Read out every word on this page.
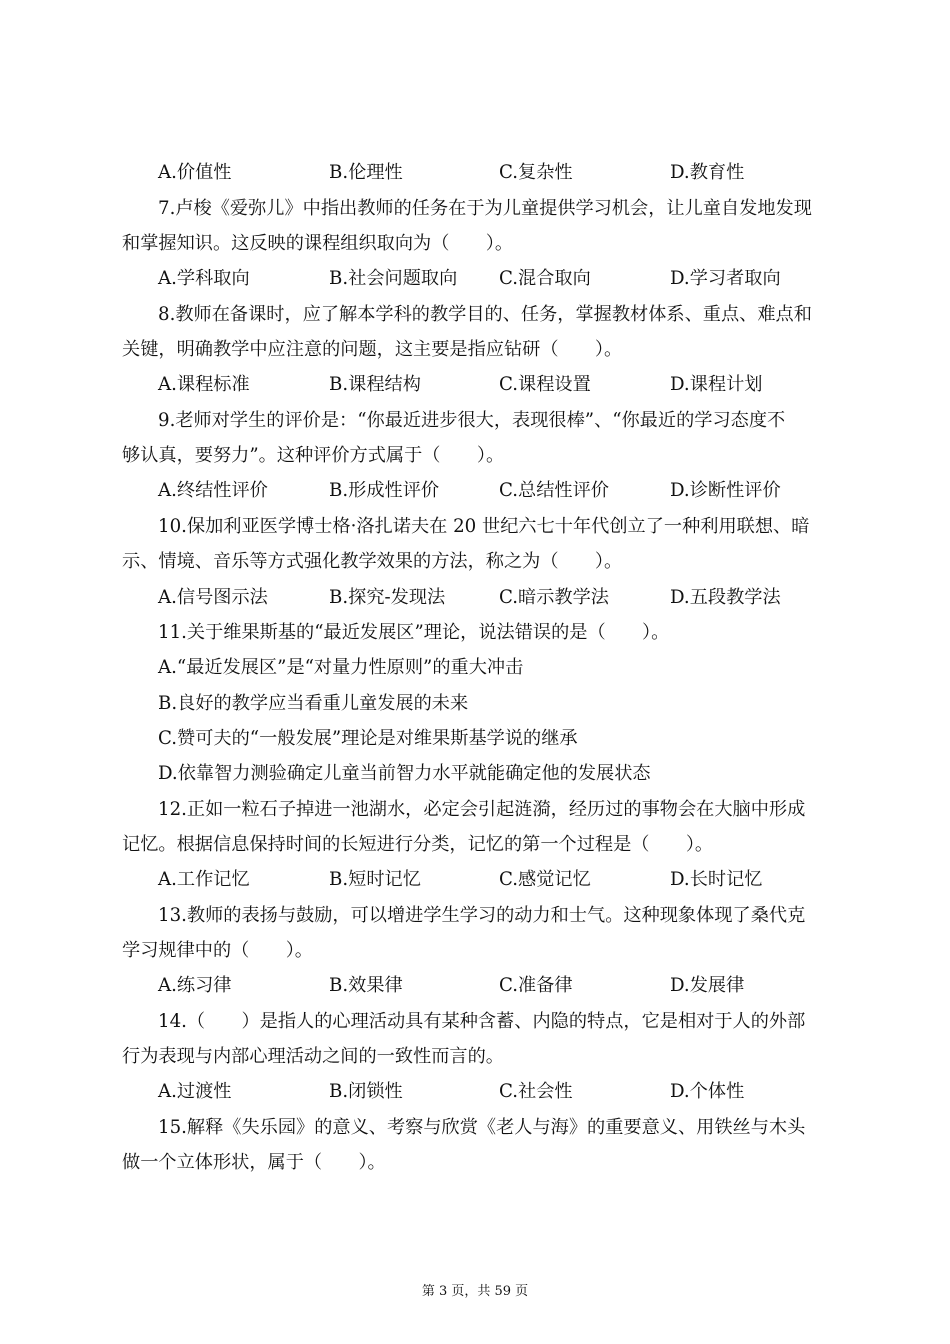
A.价值性	B.伦理性	C.复杂性	D.教育性
7.卢梭《爱弥儿》中指出教师的任务在于为儿童提供学习机会，让儿童自发地发现
和掌握知识。这反映的课程组织取向为（　　）。
A.学科取向	B.社会问题取向 C.混合取向	D.学习者取向
8.教师在备课时，应了解本学科的教学目的、任务，掌握教材体系、重点、难点和
关键，明确教学中应注意的问题，这主要是指应钻研（　　）。
A.课程标准	B.课程结构	C.课程设置	D.课程计划
9.老师对学生的评价是：“你最近进步很大，表现很棒”、“你最近的学习态度不
够认真，要努力”。这种评价方式属于（　　）。
A.终结性评价	B.形成性评价	C.总结性评价	D.诊断性评价
10.保加利亚医学博士格·洛扎诺夫在 20 世纪六七十年代创立了一种利用联想、暗
示、情境、音乐等方式强化教学效果的方法，称之为（　　）。
A.信号图示法	B.探究-发现法	C.暗示教学法	D.五段教学法
11.关于维果斯基的“最近发展区”理论，说法错误的是（　　）。
A.“最近发展区”是“对量力性原则”的重大冲击
B.良好的教学应当看重儿童发展的未来
C.赞可夫的“一般发展”理论是对维果斯基学说的继承
D.依靠智力测验确定儿童当前智力水平就能确定他的发展状态
12.正如一粒石子掉进一池湖水，必定会引起涟漪，经历过的事物会在大脑中形成
记忆。根据信息保持时间的长短进行分类，记忆的第一个过程是（　　）。
A.工作记忆	B.短时记忆	C.感觉记忆	D.长时记忆
13.教师的表扬与鼓励，可以增进学生学习的动力和士气。这种现象体现了桑代克
学习规律中的（　　）。
A.练习律	B.效果律	C.准备律	D.发展律
14.（　　）是指人的心理活动具有某种含蓄、内隐的特点，它是相对于人的外部
行为表现与内部心理活动之间的一致性而言的。
A.过渡性	B.闭锁性	C.社会性	D.个体性
15.解释《失乐园》的意义、考察与欣赏《老人与海》的重要意义、用铁丝与木头
做一个立体形状，属于（　　）。
第 3 页，共 59 页
